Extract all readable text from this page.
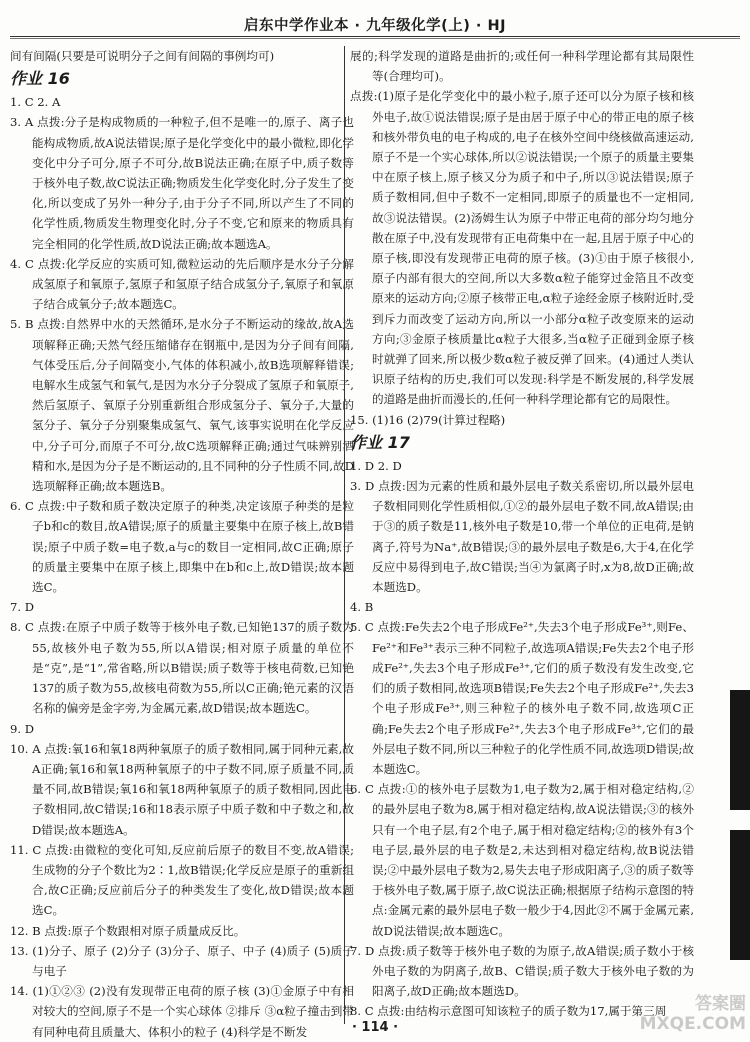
启东中学作业本 · 九年级化学(上) · HJ

间有间隔(只要是可说明分子之间有间隔的事例均可)

作业 16

1. C 2. A

3. A 点拨:分子是构成物质的一种粒子,但不是唯一的,原子、离子也能构成物质,故A说法错误;原子是化学变化中的最小微粒,即化学变化中分子可分,原子不可分,故B说法正确;在原子中,质子数等于核外电子数,故C说法正确;物质发生化学变化时,分子发生了变化,所以变成了另外一种分子,由于分子不同,所以产生了不同的化学性质,物质发生物理变化时,分子不变,它和原来的物质具有完全相同的化学性质,故D说法正确;故本题选A。

4. C 点拨:化学反应的实质可知,微粒运动的先后顺序是水分子分解成氢原子和氧原子,氢原子和氢原子结合成氢分子,氧原子和氧原子结合成氧分子;故本题选C。

5. B 点拨:自然界中水的天然循环,是水分子不断运动的缘故,故A选项解释正确;天然气经压缩储存在钢瓶中,是因为分子间有间隔,气体受压后,分子间隔变小,气体的体积减小,故B选项解释错误;电解水生成氢气和氧气,是因为水分子分裂成了氢原子和氧原子,然后氢原子、氧原子分别重新组合形成氢分子、氧分子,大量的氢分子、氧分子分别聚集成氢气、氧气,该事实说明在化学反应中,分子可分,而原子不可分,故C选项解释正确;通过气味辨别酒精和水,是因为分子是不断运动的,且不同种的分子性质不同,故D选项解释正确;故本题选B。

6. C 点拨:中子数和质子数决定原子的种类,决定该原子种类的是粒子b和c的数目,故A错误;原子的质量主要集中在原子核上,故B错误;原子中质子数=电子数,a与c的数目一定相同,故C正确;原子的质量主要集中在原子核上,即集中在b和c上,故D错误;故本题选C。

7. D

8. C 点拨:在原子中质子数等于核外电子数,已知铯137的质子数为55,故核外电子数为55,所以A错误;相对原子质量的单位不是“克”,是“1”,常省略,所以B错误;质子数等于核电荷数,已知铯137的质子数为55,故核电荷数为55,所以C正确;铯元素的汉语名称的偏旁是金字旁,为金属元素,故D错误;故本题选C。

9. D

10. A 点拨:氧16和氧18两种氧原子的质子数相同,属于同种元素,故A正确;氧16和氧18两种氧原子的中子数不同,原子质量不同,质量不同,故B错误;氧16和氧18两种氧原子的质子数相同,因此电子数相同,故C错误;16和18表示原子中质子数和中子数之和,故D错误;故本题选A。

11. C 点拨:由微粒的变化可知,反应前后原子的数目不变,故A错误;生成物的分子个数比为2∶1,故B错误;化学反应是原子的重新组合,故C正确;反应前后分子的种类发生了变化,故D错误;故本题选C。

12. B 点拨:原子个数跟相对原子质量成反比。

13. (1)分子、原子 (2)分子 (3)分子、原子、中子 (4)质子 (5)质子与电子

14. (1)①②③ (2)没有发现带正电荷的原子核 (3)①金原子中有相对较大的空间,原子不是一个实心球体 ②排斥 ③α粒子撞击到带有同种电荷且质量大、体积小的粒子 (4)科学是不断发

展的;科学发现的道路是曲折的;或任何一种科学理论都有其局限性等(合理均可)。

点拨:(1)原子是化学变化中的最小粒子,原子还可以分为原子核和核外电子,故①说法错误;原子是由居于原子中心的带正电的原子核和核外带负电的电子构成的,电子在核外空间中绕核做高速运动,原子不是一个实心球体,所以②说法错误;一个原子的质量主要集中在原子核上,原子核又分为质子和中子,所以③说法错误;原子质子数相同,但中子数不一定相同,即原子的质量也不一定相同,故③说法错误。(2)汤姆生认为原子中带正电荷的部分均匀地分散在原子中,没有发现带有正电荷集中在一起,且居于原子中心的原子核,即没有发现带正电荷的原子核。(3)①由于原子核很小,原子内部有很大的空间,所以大多数α粒子能穿过金箔且不改变原来的运动方向;②原子核带正电,α粒子途经金原子核附近时,受到斥力而改变了运动方向,所以一小部分α粒子改变原来的运动方向;③金原子核质量比α粒子大很多,当α粒子正碰到金原子核时就弹了回来,所以极少数α粒子被反弹了回来。(4)通过人类认识原子结构的历史,我们可以发现:科学是不断发展的,科学发展的道路是曲折而漫长的,任何一种科学理论都有它的局限性。

15. (1)16 (2)79(计算过程略)

作业 17

1. D 2. D

3. D 点拨:因为元素的性质和最外层电子数关系密切,所以最外层电子数相同则化学性质相似,①②的最外层电子数不同,故A错误;由于③的质子数是11,核外电子数是10,带一个单位的正电荷,是钠离子,符号为Na⁺,故B错误;③的最外层电子数是6,大于4,在化学反应中易得到电子,故C错误;当④为氯离子时,x为8,故D正确;故本题选D。

4. B

5. C 点拨:Fe失去2个电子形成Fe²⁺,失去3个电子形成Fe³⁺,则Fe、Fe²⁺和Fe³⁺表示三种不同粒子,故选项A错误;Fe失去2个电子形成Fe²⁺,失去3个电子形成Fe³⁺,它们的质子数没有发生改变,它们的质子数相同,故选项B错误;Fe失去2个电子形成Fe²⁺,失去3个电子形成Fe³⁺,则三种粒子的核外电子数不同,故选项C正确;Fe失去2个电子形成Fe²⁺,失去3个电子形成Fe³⁺,它们的最外层电子数不同,所以三种粒子的化学性质不同,故选项D错误;故本题选C。

6. C 点拨:①的核外电子层数为1,电子数为2,属于相对稳定结构,②的最外层电子数为8,属于相对稳定结构,故A说法错误;③的核外只有一个电子层,有2个电子,属于相对稳定结构;②的核外有3个电子层,最外层的电子数是2,未达到相对稳定结构,故B说法错误;②中最外层电子数为2,易失去电子形成阳离子,③的质子数等于核外电子数,属于原子,故C说法正确;根据原子结构示意图的特点:金属元素的最外层电子数一般少于4,因此②不属于金属元素,故D说法错误;故本题选C。

7. D 点拨:质子数等于核外电子数的为原子,故A错误;质子数小于核外电子数的为阴离子,故B、C错误;质子数大于核外电子数的为阳离子,故D正确;故本题选D。

8. C 点拨:由结构示意图可知该粒子的质子数为17,属于第三周

· 114 ·
答案圈 MXQE.COM
